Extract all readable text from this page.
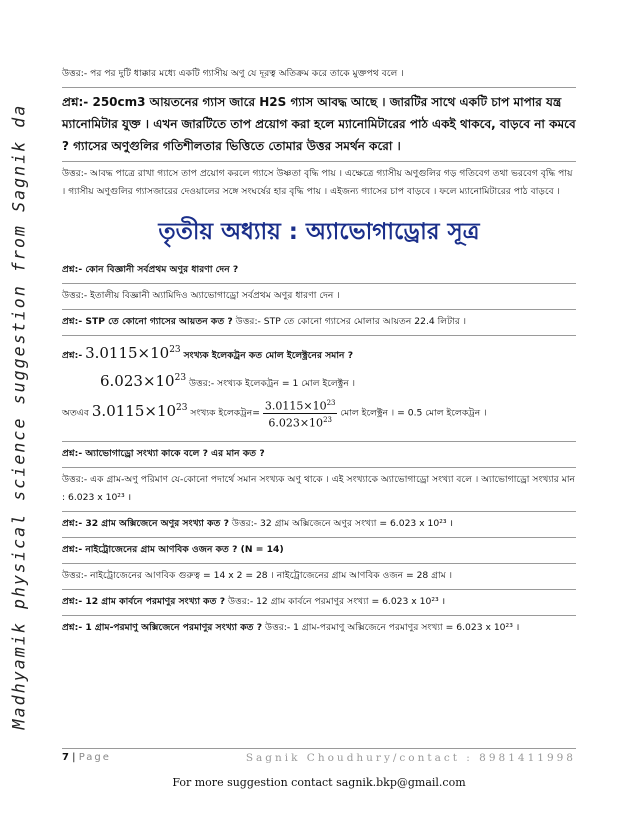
Madhyamik physical science suggestion from Sagnik da
উত্তর:- পর পর দুটি ধাক্কার মধ্যে একটি গ্যাসীয় অণু যে দূরত্ব অতিক্রম করে তাকে মুক্তপথ বলে ।
প্রশ্ন:- 250cm3 আয়তনের গ্যাস জারে H2S গ্যাস আবদ্ধ আছে । জারটির সাথে একটি চাপ মাপার যন্ত্র ম্যানোমিটার যুক্ত । এখন জারটিতে তাপ প্রয়োগ করা হলে ম্যানোমিটারের পাঠ একই থাকবে, বাড়বে না কমবে ? গ্যাসের অণুগুলির গতিশীলতার ভিত্তিতে তোমার উত্তর সমর্থন করো ।
উত্তর:- আবদ্ধ পাত্রে রাখা গ্যাসে তাপ প্রয়োগ করলে গ্যাসে উষ্ণতা বৃদ্ধি পায় । এক্ষেত্রে গ্যাসীয় অণুগুলির গড় গতিবেগ তথা ভরবেগ বৃদ্ধি পায় । গ্যাসীয় অণুগুলির গ্যাসজারের দেওয়ালের সঙ্গে সংঘর্ষের হার বৃদ্ধি পায় । এইজন্য গ্যাসের চাপ বাড়বে । ফলে ম্যানোমিটারের পাঠ বাড়বে ।
তৃতীয় অধ্যায় : অ্যাভোগাড্রোর সূত্র
প্রশ্ন:- কোন বিজ্ঞানী সর্বপ্রথম অণুর ধারণা দেন ?
উত্তর:- ইতালীয় বিজ্ঞানী অ্যামিদিও অ্যাভোগাড্রো সর্বপ্রথম অণুর ধারণা দেন ।
প্রশ্ন:- STP তে কোনো গ্যাসের আয়তন কত ? উত্তর:- STP তে কোনো গ্যাসের মোলার আয়তন 22.4 লিটার ।
প্রশ্ন:- $3.0115\times 10^{23}$ সংখ্যক ইলেকট্রন কত মোল ইলেক্ট্রনের সমান ?
$6.023\times 10^{23}$ উত্তর:- সংখ্যক ইলেকট্রন = 1 মোল ইলেক্ট্রন ।
অতএব $3.0115\times 10^{23}$ সংখ্যক ইলেকট্রন= $\frac{3.0115\times 10^{23}}{6.023\times 10^{23}}$ মোল ইলেক্ট্রন । = 0.5 মোল ইলেকট্রন ।
প্রশ্ন:- অ্যাভোগাড্রো সংখ্যা কাকে বলে ? এর মান কত ?
উত্তর:- এক গ্রাম-অণু পরিমাণ যে-কোনো পদার্থে সমান সংখ্যক অণু থাকে । এই সংখ্যাকে অ্যাভোগাড্রো সংখ্যা বলে । অ্যাভোগাড্রো সংখ্যার মান : 6.023 x 10²³ ।
প্রশ্ন:- 32 গ্রাম অক্সিজেনে অণুর সংখ্যা কত ? উত্তর:- 32 গ্রাম অক্সিজেনে অণুর সংখ্যা = 6.023 x 10²³ ।
প্রশ্ন:- নাইট্রোজেনের গ্রাম আণবিক ওজন কত ? (N = 14)
উত্তর:- নাইট্রোজেনের আণবিক গুরুত্ব = 14 x 2 = 28 । নাইট্রোজেনের গ্রাম আণবিক ওজন = 28 গ্রাম ।
প্রশ্ন:- 12 গ্রাম কার্বনে পরমাণুর সংখ্যা কত ? উত্তর:- 12 গ্রাম কার্বনে পরমাণুর সংখ্যা = 6.023 x 10²³ ।
প্রশ্ন:- 1 গ্রাম-পরমাণু অক্সিজেনে পরমাণুর সংখ্যা কত ? উত্তর:- 1 গ্রাম-পরমাণু অক্সিজেনে পরমাণুর সংখ্যা = 6.023 x 10²³ ।
7 | Page	Sagnik Choudhury/contact : 8981411998
For more suggestion contact sagnik.bkp@gmail.com
